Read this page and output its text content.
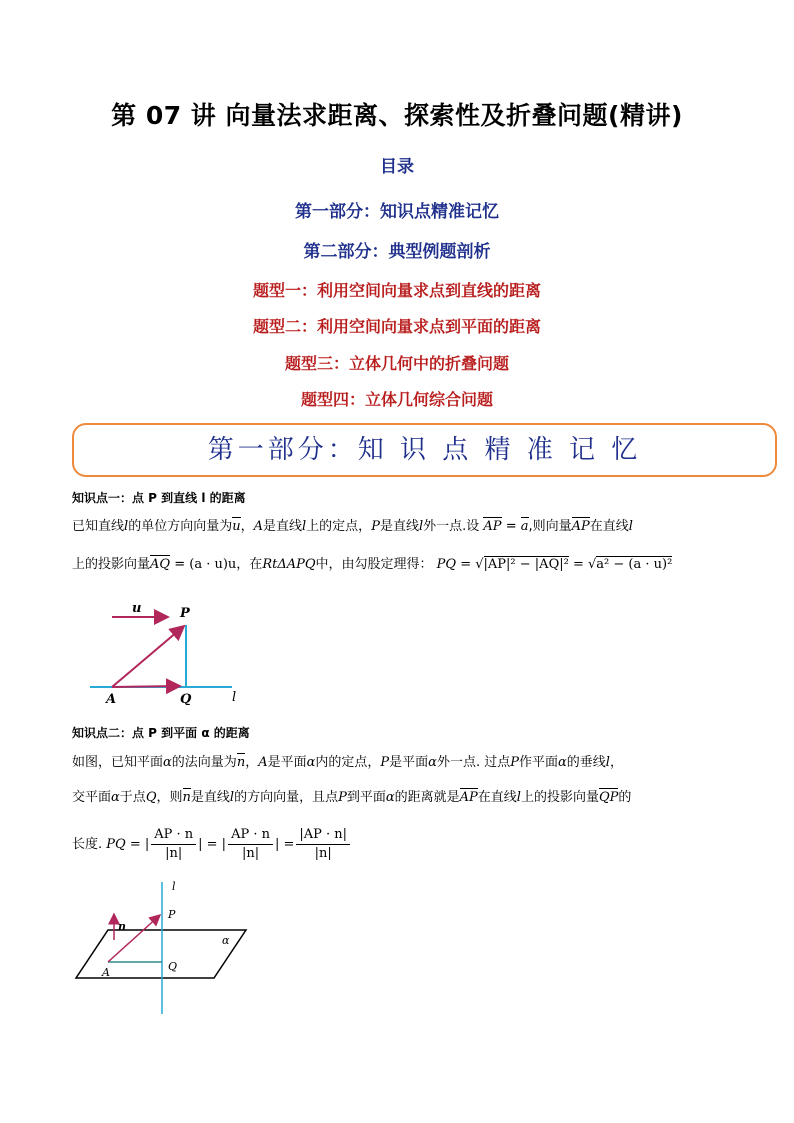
第 07 讲 向量法求距离、探索性及折叠问题(精讲)
目录
第一部分：知识点精准记忆
第二部分：典型例题剖析
题型一：利用空间向量求点到直线的距离
题型二：利用空间向量求点到平面的距离
题型三：立体几何中的折叠问题
题型四：立体几何综合问题
第一部分：知 识 点 精 准 记 忆
知识点一：点 P 到直线 l 的距离
已知直线l的单位方向向量为u，A是直线l上的定点，P是直线l外一点.设 AP = a,则向量AP在直线l
上的投影向量AQ = (a · u)u，在RtΔAPQ中，由勾股定理得： PQ = √|AP|² − |AQ|² = √a² − (a · u)²
u	P
A	Q	l
知识点二：点 P 到平面 α 的距离
如图，已知平面α的法向量为n，A是平面α内的定点，P是平面α外一点. 过点P作平面α的垂线l，
交平面α于点Q，则n是直线l的方向向量，且点P到平面α的距离就是AP在直线l上的投影向量QP的
长度. PQ = | $\frac{AP \cdot n}{|n|}$ | = | $\frac{AP \cdot n}{|n|}$ | = $\frac{|AP \cdot n|}{|n|}$
l
n
P
α
A	Q
